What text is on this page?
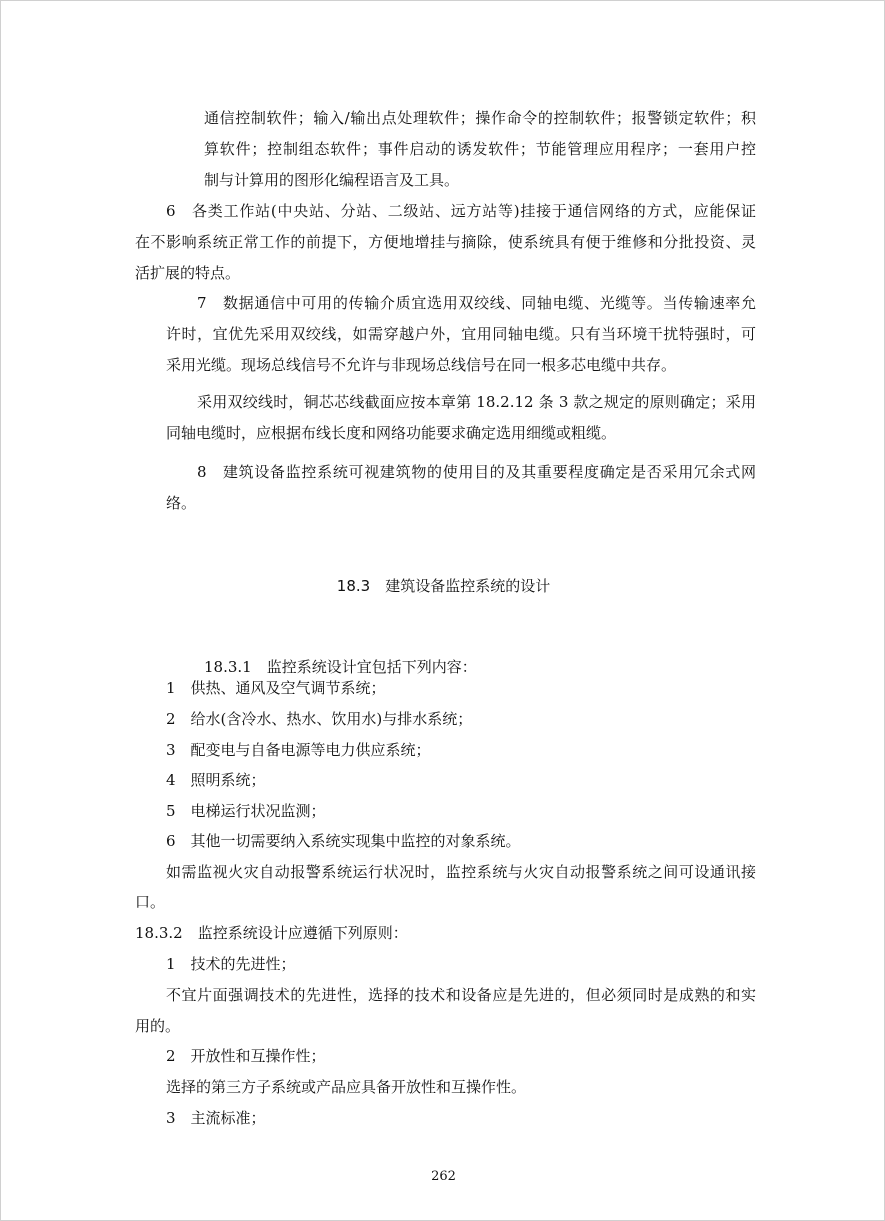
通信控制软件；输入/输出点处理软件；操作命令的控制软件；报警锁定软件；积
算软件；控制组态软件；事件启动的诱发软件；节能管理应用程序；一套用户控
制与计算用的图形化编程语言及工具。
6　各类工作站(中央站、分站、二级站、远方站等)挂接于通信网络的方式，应能保证
在不影响系统正常工作的前提下，方便地增挂与摘除，使系统具有便于维修和分批投资、灵
活扩展的特点。
7　数据通信中可用的传输介质宜选用双绞线、同轴电缆、光缆等。当传输速率允
许时，宜优先采用双绞线，如需穿越户外，宜用同轴电缆。只有当环境干扰特强时，可
采用光缆。现场总线信号不允许与非现场总线信号在同一根多芯电缆中共存。
采用双绞线时，铜芯芯线截面应按本章第 18.2.12 条 3 款之规定的原则确定；采用
同轴电缆时，应根据布线长度和网络功能要求确定选用细缆或粗缆。
8　建筑设备监控系统可视建筑物的使用目的及其重要程度确定是否采用冗余式网
络。
18.3　建筑设备监控系统的设计
18.3.1　监控系统设计宜包括下列内容：
1　供热、通风及空气调节系统；
2　给水(含冷水、热水、饮用水)与排水系统；
3　配变电与自备电源等电力供应系统；
4　照明系统；
5　电梯运行状况监测；
6　其他一切需要纳入系统实现集中监控的对象系统。
如需监视火灾自动报警系统运行状况时，监控系统与火灾自动报警系统之间可设通讯接
口。
18.3.2　监控系统设计应遵循下列原则：
1　技术的先进性；
不宜片面强调技术的先进性，选择的技术和设备应是先进的，但必须同时是成熟的和实
用的。
2　开放性和互操作性；
选择的第三方子系统或产品应具备开放性和互操作性。
3　主流标准；
262
